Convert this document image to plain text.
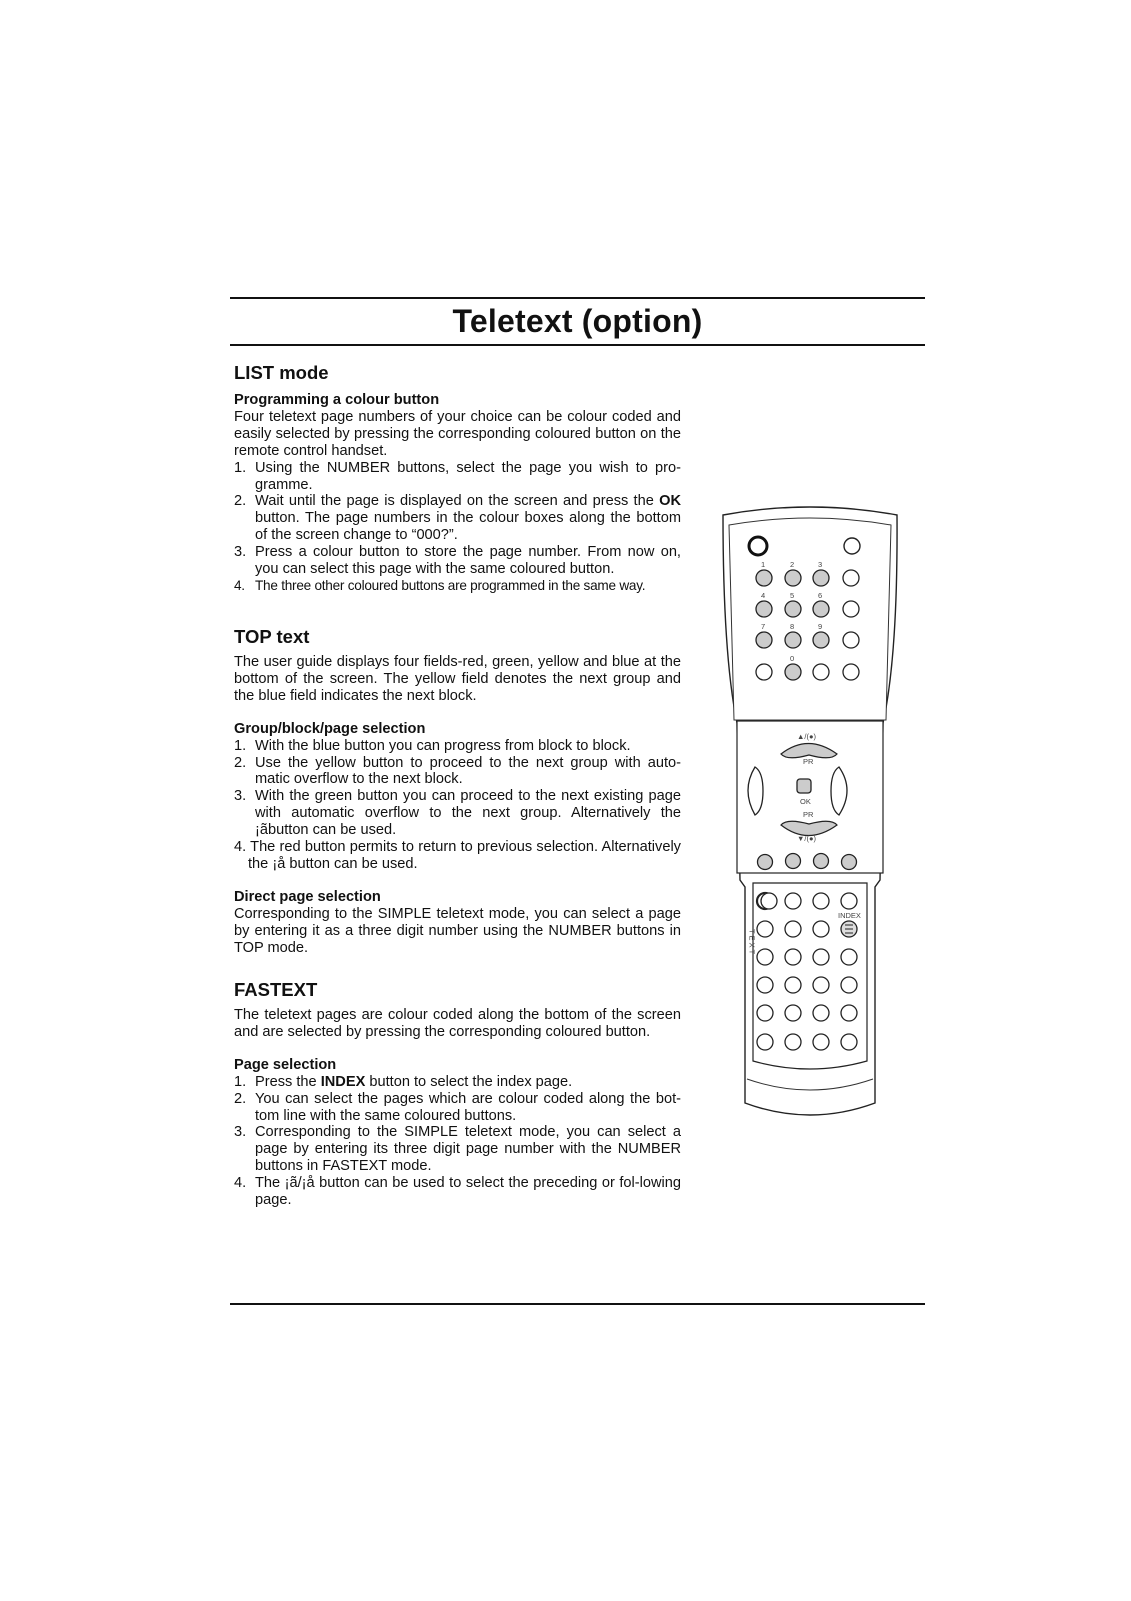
Teletext (option)
LIST mode
Programming a colour button

Four teletext page numbers of your choice can be colour coded and easily selected by pressing the corresponding coloured button on the remote control handset.

1. Using the NUMBER buttons, select the page you wish to pro-gramme.
2. Wait until the page is displayed on the screen and press the OK button. The page numbers in the colour boxes along the bottom of the screen change to “000?”.
3. Press a colour button to store the page number. From now on, you can select this page with the same coloured button.
4. The three other coloured buttons are programmed in the same way.
TOP text

The user guide displays four fields-red, green, yellow and blue at the bottom of the screen. The yellow field denotes the next group and the blue field indicates the next block.

Group/block/page selection
1. With the blue button you can progress from block to block.
2. Use the yellow button to proceed to the next group with auto-matic overflow to the next block.
3. With the green button you can proceed to the next existing page with automatic overflow to the next group. Alternatively the ¡ãbutton can be used.
4. The red button permits to return to previous selection. Alternatively the ¡å button can be used.
Direct page selection

Corresponding to the SIMPLE teletext mode, you can select a page by entering it as a three digit number using the NUMBER buttons in TOP mode.

FASTEXT

The teletext pages are colour coded along the bottom of the screen and are selected by pressing the corresponding coloured button.

Page selection
1. Press the INDEX button to select the index page.
2. You can select the pages which are colour coded along the bot-tom line with the same coloured buttons.
3. Corresponding to the SIMPLE teletext mode, you can select a page by entering its three digit page number with the NUMBER buttons in FASTEXT mode.
4. The ¡ã/¡å button can be used to select the preceding or fol-lowing page.
1	2	3
4	5	6
7	8	9
0
▲/(●)
PR
OK
PR
▼/(●)
INDEX
T E X T
